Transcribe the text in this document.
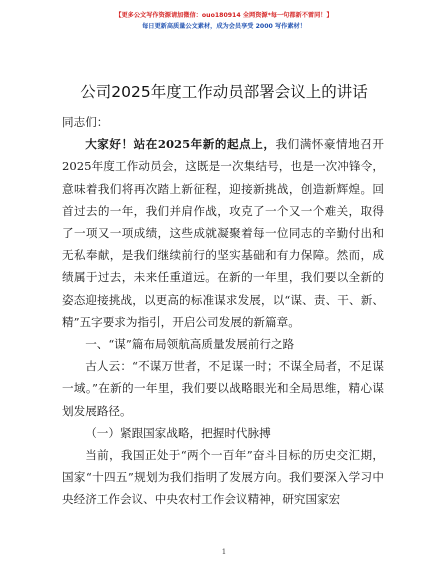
【更多公文写作资源请加微信：ouo180914 全网资源*每一句都新不雷同！】
每日更新高质量公文素材，成为会员享受 2000 写作素材！
公司2025年度工作动员部署会议上的讲话

同志们：

大家好！站在2025年新的起点上，我们满怀豪情地召开2025年度工作动员会，这既是一次集结号，也是一次冲锋令，意味着我们将再次踏上新征程，迎接新挑战，创造新辉煌。回首过去的一年，我们并肩作战，攻克了一个又一个难关，取得了一项又一项成绩，这些成就凝聚着每一位同志的辛勤付出和无私奉献，是我们继续前行的坚实基础和有力保障。然而，成绩属于过去，未来任重道远。在新的一年里，我们要以全新的姿态迎接挑战，以更高的标准谋求发展，以“谋、责、干、新、精”五字要求为指引，开启公司发展的新篇章。

一、“谋”篇布局领航高质量发展前行之路

古人云：“不谋万世者，不足谋一时；不谋全局者，不足谋一域。”在新的一年里，我们要以战略眼光和全局思维，精心谋划发展路径。

（一）紧跟国家战略，把握时代脉搏

当前，我国正处于“两个一百年”奋斗目标的历史交汇期，国家“十四五”规划为我们指明了发展方向。我们要深入学习中央经济工作会议、中央农村工作会议精神，研究国家宏

1
